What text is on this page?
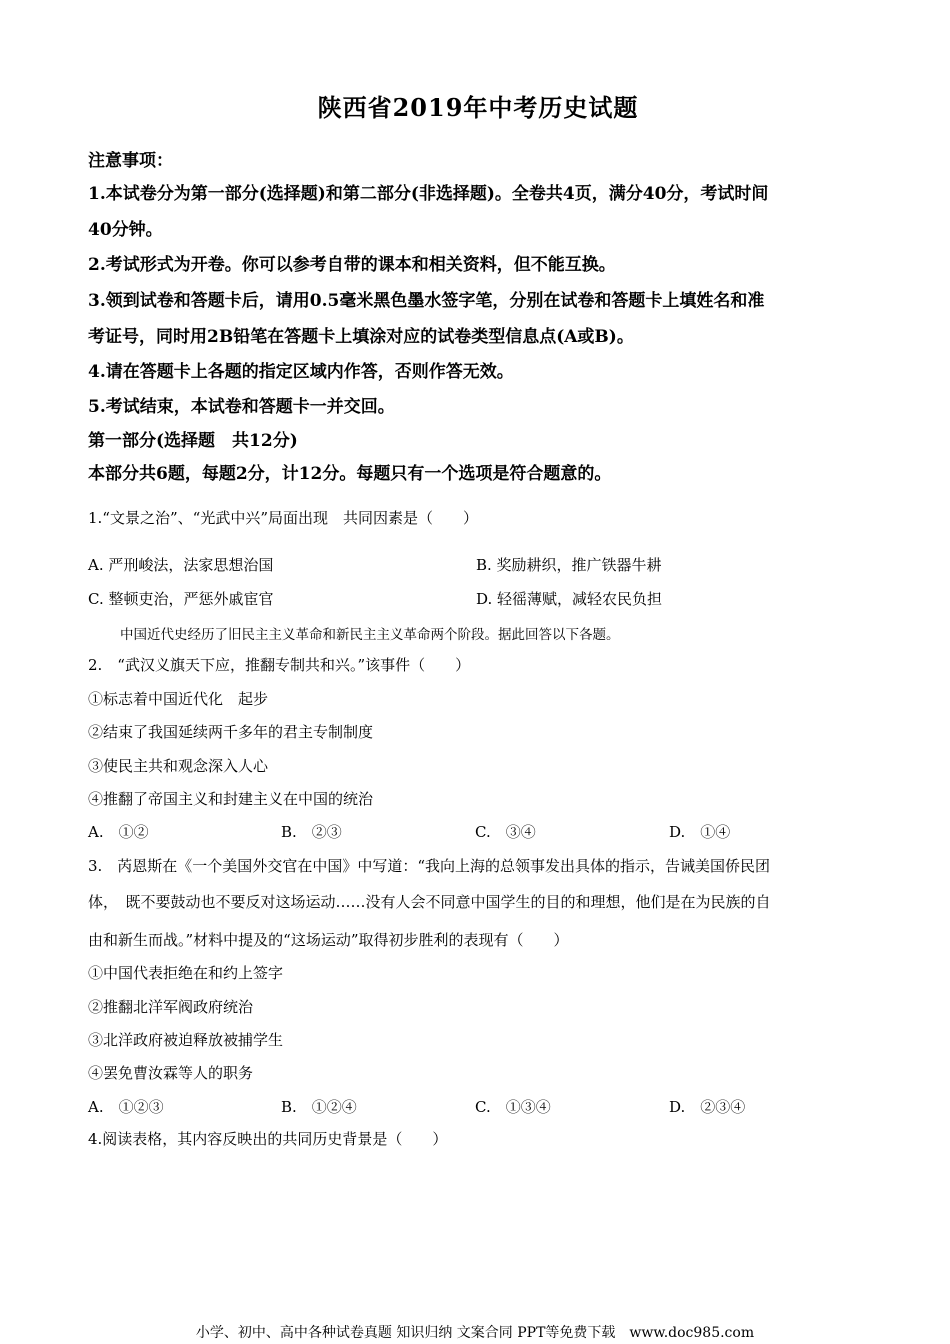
陕西省2019年中考历史试题
注意事项：
1.本试卷分为第一部分(选择题)和第二部分(非选择题)。全卷共4页，满分40分，考试时间
40分钟。
2.考试形式为开卷。你可以参考自带的课本和相关资料，但不能互换。
3.领到试卷和答题卡后，请用0.5毫米黑色墨水签字笔，分别在试卷和答题卡上填姓名和准
考证号，同时用2B铅笔在答题卡上填涂对应的试卷类型信息点(A或B)。
4.请在答题卡上各题的指定区域内作答，否则作答无效。
5.考试结束，本试卷和答题卡一并交回。
第一部分(选择题　共12分)
本部分共6题，每题2分，计12分。每题只有一个选项是符合题意的。
1.“文景之治”、“光武中兴”局面出现　共同因素是（　　）
A. 严刑峻法，法家思想治国	B. 奖励耕织，推广铁器牛耕
C. 整顿吏治，严惩外戚宦官	D. 轻徭薄赋，减轻农民负担
中国近代史经历了旧民主主义革命和新民主主义革命两个阶段。据此回答以下各题。
2.　“武汉义旗天下应，推翻专制共和兴。”该事件（　　）
①标志着中国近代化　起步
②结束了我国延续两千多年的君主专制制度
③使民主共和观念深入人心
④推翻了帝国主义和封建主义在中国的统治
A.　①②	B.　②③	C.　③④	D.　①④
3.　芮恩斯在《一个美国外交官在中国》中写道：“我向上海的总领事发出具体的指示，告诫美国侨民团
体，　既不要鼓动也不要反对这场运动……没有人会不同意中国学生的目的和理想，他们是在为民族的自
由和新生而战。”材料中提及的“这场运动”取得初步胜利的表现有（　　）
①中国代表拒绝在和约上签字
②推翻北洋军阀政府统治
③北洋政府被迫释放被捕学生
④罢免曹汝霖等人的职务
A.　①②③	B.　①②④	C.　①③④	D.　②③④
4.阅读表格，其内容反映出的共同历史背景是（　　）
小学、初中、高中各种试卷真题 知识归纳 文案合同 PPT等免费下载　www.doc985.com
